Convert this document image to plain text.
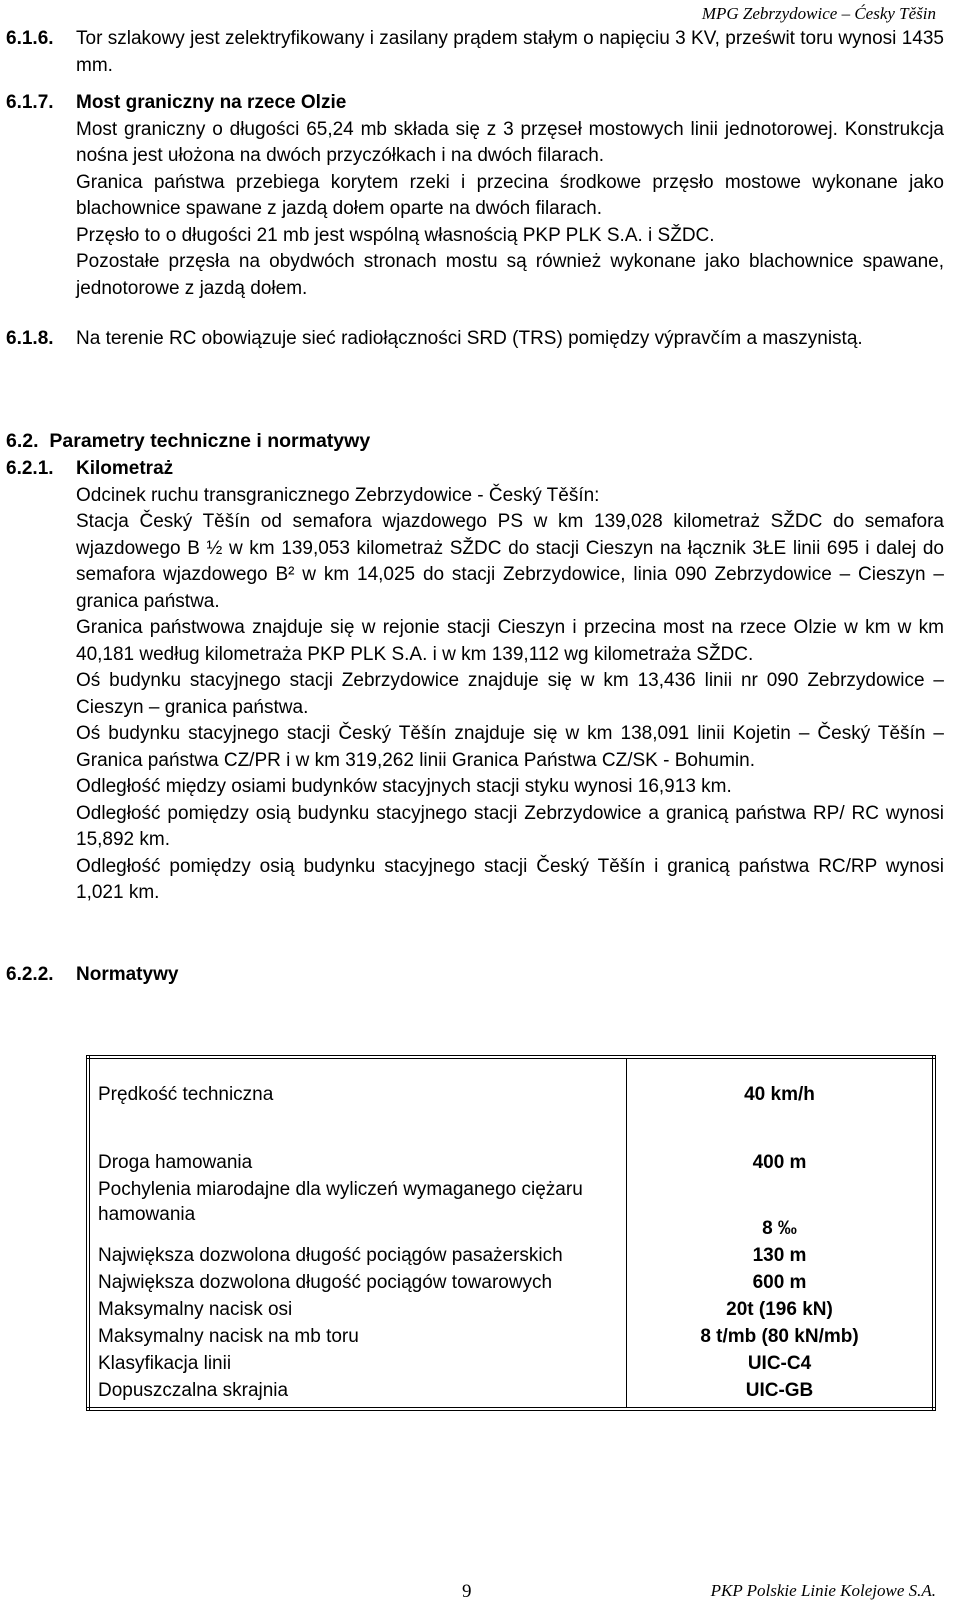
MPG Zebrzydowice – Ćesky Těšin
6.1.6. Tor szlakowy jest zelektryfikowany i zasilany prądem stałym o napięciu 3 KV, prześwit toru wynosi 1435 mm.
6.1.7. Most graniczny na rzece Olzie
Most graniczny o długości 65,24 mb składa się z 3 przęseł mostowych linii jednotorowej. Konstrukcja nośna jest ułożona na dwóch przyczółkach i na dwóch filarach.
Granica państwa przebiega korytem rzeki i przecina środkowe przęsło mostowe wykonane jako blachownice spawane z jazdą dołem oparte na dwóch filarach.
Przęsło to o długości 21 mb jest wspólną własnością PKP PLK S.A. i SŽDC.
Pozostałe przęsła na obydwóch stronach mostu są również wykonane jako blachownice spawane, jednotorowe z jazdą dołem.
6.1.8. Na terenie RC obowiązuje sieć radiołączności SRD (TRS) pomiędzy výpravčím a maszynistą.
6.2. Parametry techniczne i normatywy
6.2.1. Kilometraż
Odcinek ruchu transgranicznego Zebrzydowice - Český Těšín:
Stacja Český Těšín od semafora wjazdowego PS w km 139,028 kilometraż SŽDC do semafora wjazdowego B ½ w km 139,053 kilometraż SŽDC do stacji Cieszyn na łącznik 3ŁE linii 695 i dalej do semafora wjazdowego B² w km 14,025 do stacji Zebrzydowice, linia 090 Zebrzydowice – Cieszyn – granica państwa.
Granica państwowa znajduje się w rejonie stacji Cieszyn i przecina most na rzece Olzie w km w km 40,181 według kilometraża PKP PLK S.A. i w km 139,112 wg kilometraża SŽDC.
Oś budynku stacyjnego stacji Zebrzydowice znajduje się w km 13,436 linii nr 090 Zebrzydowice – Cieszyn – granica państwa.
Oś budynku stacyjnego stacji Český Těšín znajduje się w km 138,091 linii Kojetin – Český Těšín – Granica państwa CZ/PR i w km 319,262 linii Granica Państwa CZ/SK - Bohumin.
Odległość między osiami budynków stacyjnych stacji styku wynosi 16,913 km.
Odległość pomiędzy osią budynku stacyjnego stacji Zebrzydowice a granicą państwa RP/ RC wynosi 15,892 km.
Odległość pomiędzy osią budynku stacyjnego stacji Český Těšín i granicą państwa RC/RP wynosi 1,021 km.
6.2.2. Normatywy
Prędkość techniczna	40 km/h
Droga hamowania	400 m
Pochylenia miarodajne dla wyliczeń wymaganego ciężaru hamowania	8 ‰
Największa dozwolona długość pociągów pasażerskich	130 m
Największa dozwolona długość pociągów towarowych	600 m
Maksymalny nacisk osi	20t (196 kN)
Maksymalny nacisk na mb toru	8 t/mb (80 kN/mb)
Klasyfikacja linii	UIC-C4
Dopuszczalna skrajnia	UIC-GB
9	PKP Polskie Linie Kolejowe S.A.
